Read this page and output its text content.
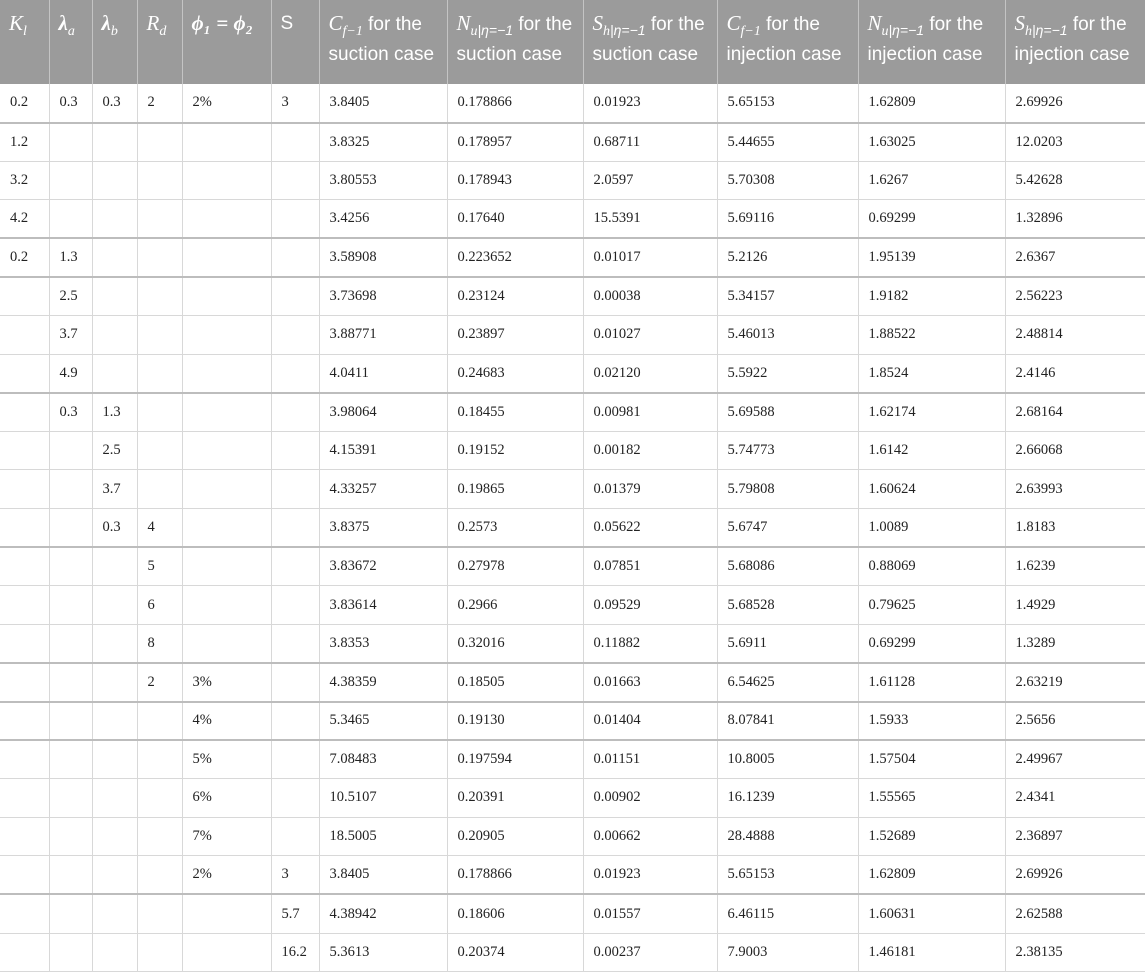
$K_l$	$\lambda_a$	$\lambda_b$	$R_d$	ϕ₁ = ϕ₂	S	$C_{f-1}$ for the suction case	$N_{u|\eta=-1}$ for the suction case	$S_{h|\eta=-1}$ for the suction case	$C_{f-1}$ for the injection case	$N_{u|\eta=-1}$ for the injection case	$S_{h|\eta=-1}$ for the injection case
0.2	0.3	0.3	2	2%	3	3.8405	0.178866	0.01923	5.65153	1.62809	2.69926
1.2						3.8325	0.178957	0.68711	5.44655	1.63025	12.0203
3.2						3.80553	0.178943	2.0597	5.70308	1.6267	5.42628
4.2						3.4256	0.17640	15.5391	5.69116	0.69299	1.32896
0.2	1.3					3.58908	0.223652	0.01017	5.2126	1.95139	2.6367
	2.5					3.73698	0.23124	0.00038	5.34157	1.9182	2.56223
	3.7					3.88771	0.23897	0.01027	5.46013	1.88522	2.48814
	4.9					4.0411	0.24683	0.02120	5.5922	1.8524	2.4146
	0.3	1.3				3.98064	0.18455	0.00981	5.69588	1.62174	2.68164
		2.5				4.15391	0.19152	0.00182	5.74773	1.6142	2.66068
		3.7				4.33257	0.19865	0.01379	5.79808	1.60624	2.63993
		0.3	4			3.8375	0.2573	0.05622	5.6747	1.0089	1.8183
			5			3.83672	0.27978	0.07851	5.68086	0.88069	1.6239
			6			3.83614	0.2966	0.09529	5.68528	0.79625	1.4929
			8			3.8353	0.32016	0.11882	5.6911	0.69299	1.3289
			2	3%		4.38359	0.18505	0.01663	6.54625	1.61128	2.63219
				4%		5.3465	0.19130	0.01404	8.07841	1.5933	2.5656
				5%		7.08483	0.197594	0.01151	10.8005	1.57504	2.49967
				6%		10.5107	0.20391	0.00902	16.1239	1.55565	2.4341
				7%		18.5005	0.20905	0.00662	28.4888	1.52689	2.36897
				2%	3	3.8405	0.178866	0.01923	5.65153	1.62809	2.69926
					5.7	4.38942	0.18606	0.01557	6.46115	1.60631	2.62588
					16.2	5.3613	0.20374	0.00237	7.9003	1.46181	2.38135
